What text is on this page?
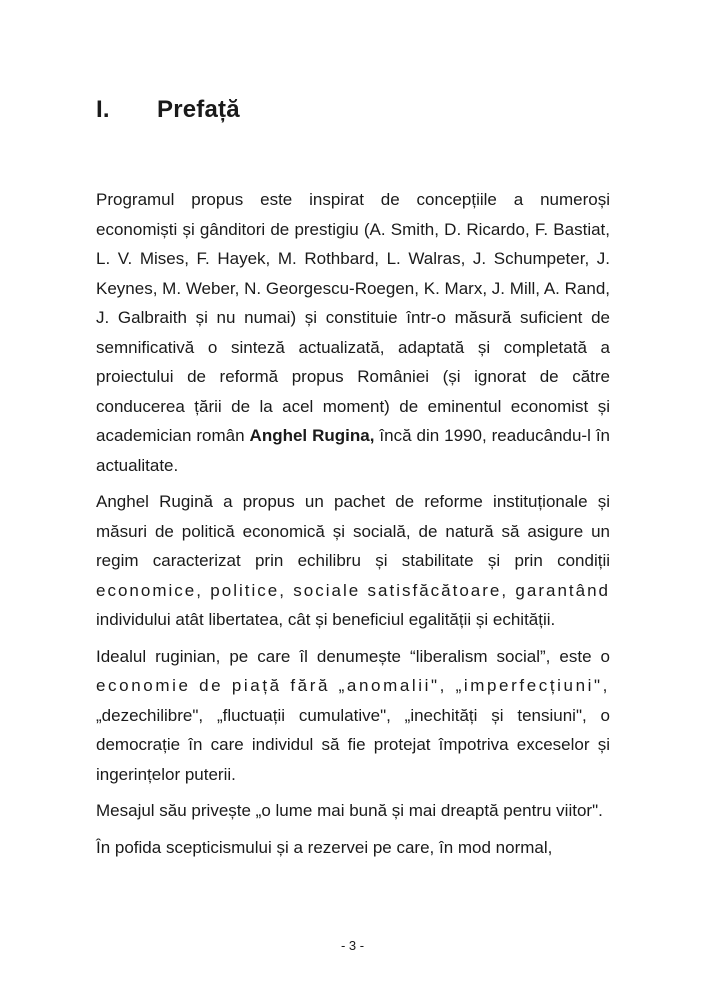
I. Prefață

Programul propus este inspirat de concepțiile a numeroși economiști și gânditori de prestigiu (A. Smith, D. Ricardo, F. Bastiat, L. V. Mises, F. Hayek, M. Rothbard, L. Walras, J. Schumpeter, J. Keynes, M. Weber, N. Georgescu-Roegen, K. Marx, J. Mill, A. Rand, J. Galbraith și nu numai) și constituie într-o măsură suficient de semnificativă o sinteză actualizată, adaptată și completată a proiectului de reformă propus României (și ignorat de către conducerea țării de la acel moment) de eminentul economist și academician român Anghel Rugina, încă din 1990, readucându-l în actualitate.

Anghel Rugină a propus un pachet de reforme instituționale și măsuri de politică economică și socială, de natură să asigure un regim caracterizat prin echilibru și stabilitate și prin condiții economice, politice, sociale satisfăcătoare, garantând individului atât libertatea, cât și beneficiul egalității și echității.

Idealul ruginian, pe care îl denumește “liberalism social”, este o economie de piață fără „anomalii", „imperfecțiuni", „dezechilibre", „fluctuații cumulative", „inechități și tensiuni", o democrație în care individul să fie protejat împotriva exceselor și ingerințelor puterii.

Mesajul său privește „o lume mai bună și mai dreaptă pentru viitor".

În pofida scepticismului și a rezervei pe care, în mod normal,

- 3 -
